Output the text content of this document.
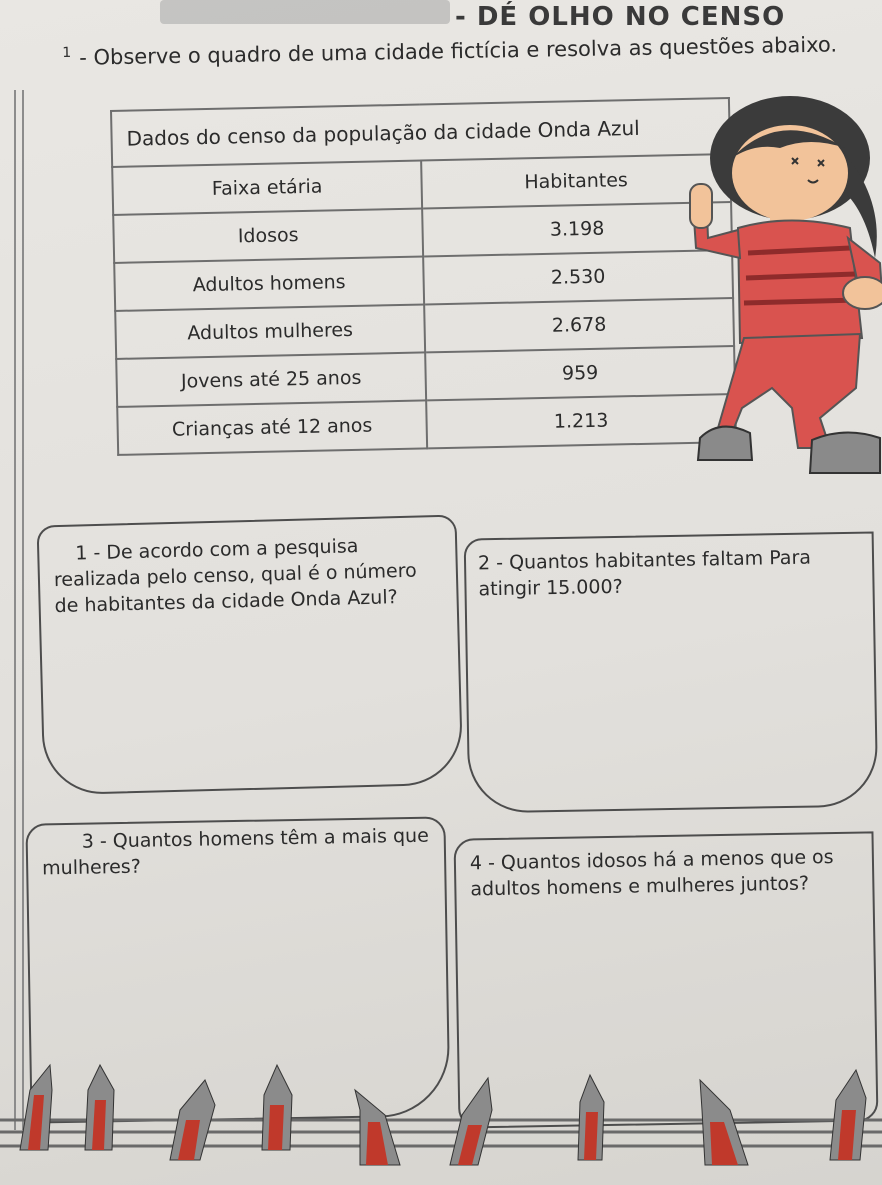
- DÉ OLHO NO CENSO
$^1$ - Observe o quadro de uma cidade fictícia e resolva as questões abaixo.
Dados do censo da população da cidade Onda Azul	
Faixa etária	Habitantes
Idosos	3.198
Adultos homens	2.530
Adultos mulheres	2.678
Jovens até 25 anos	959
Crianças até 12 anos	1.213
1 - De acordo com a pesquisa realizada pelo censo, qual é o número de habitantes da cidade Onda Azul?
2 - Quantos habitantes faltam Para atingir 15.000?
3 - Quantos homens têm a mais que mulheres?	4 - Quantos idosos há a menos que os adultos homens e mulheres juntos?
